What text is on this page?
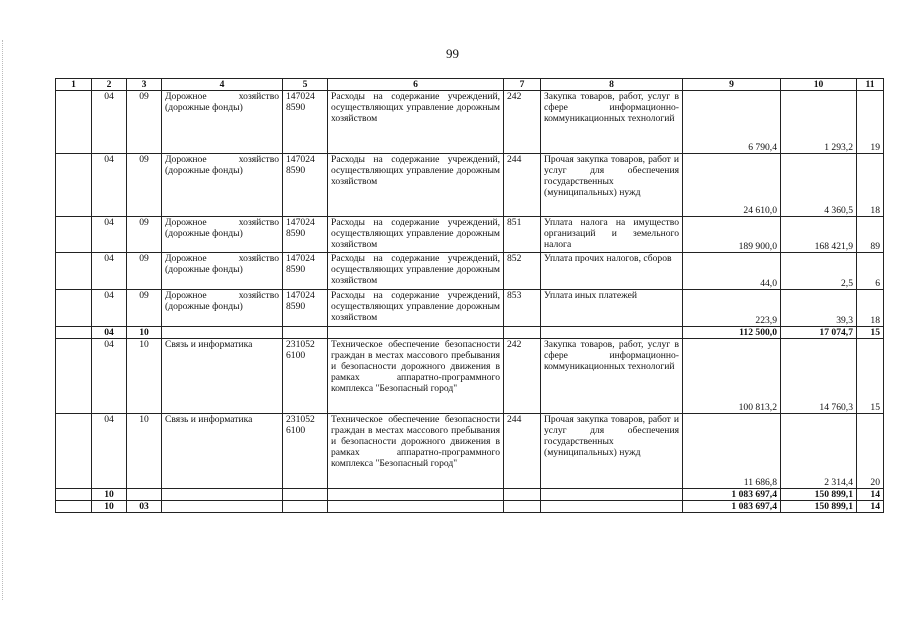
99
1	2	3	4	5	6	7	8	9	10	11
	04	09	Дорожное хозяйство (дорожные фонды)	147024 8590	Расходы на содержание учреждений, осуществляющих управление дорожным хозяйством	242	Закупка товаров, работ, услуг в сфере информационно-коммуникационных технологий	6 790,4	1 293,2	19
	04	09	Дорожное хозяйство (дорожные фонды)	147024 8590	Расходы на содержание учреждений, осуществляющих управление дорожным хозяйством	244	Прочая закупка товаров, работ и услуг для обеспечения государственных (муниципальных) нужд	24 610,0	4 360,5	18
	04	09	Дорожное хозяйство (дорожные фонды)	147024 8590	Расходы на содержание учреждений, осуществляющих управление дорожным хозяйством	851	Уплата налога на имущество организаций и земельного налога	189 900,0	168 421,9	89
	04	09	Дорожное хозяйство (дорожные фонды)	147024 8590	Расходы на содержание учреждений, осуществляющих управление дорожным хозяйством	852	Уплата прочих налогов, сборов	44,0	2,5	6
	04	09	Дорожное хозяйство (дорожные фонды)	147024 8590	Расходы на содержание учреждений, осуществляющих управление дорожным хозяйством	853	Уплата иных платежей	223,9	39,3	18
	04	10						112 500,0	17 074,7	15
	04	10	Связь и информатика	231052 6100	Техническое обеспечение безопасности граждан в местах массового пребывания и безопасности дорожного движения в рамках аппаратно-программного комплекса "Безопасный город"	242	Закупка товаров, работ, услуг в сфере информационно-коммуникационных технологий	100 813,2	14 760,3	15
	04	10	Связь и информатика	231052 6100	Техническое обеспечение безопасности граждан в местах массового пребывания и безопасности дорожного движения в рамках аппаратно-программного комплекса "Безопасный город"	244	Прочая закупка товаров, работ и услуг для обеспечения государственных (муниципальных) нужд	11 686,8	2 314,4	20
	10							1 083 697,4	150 899,1	14
	10	03						1 083 697,4	150 899,1	14
